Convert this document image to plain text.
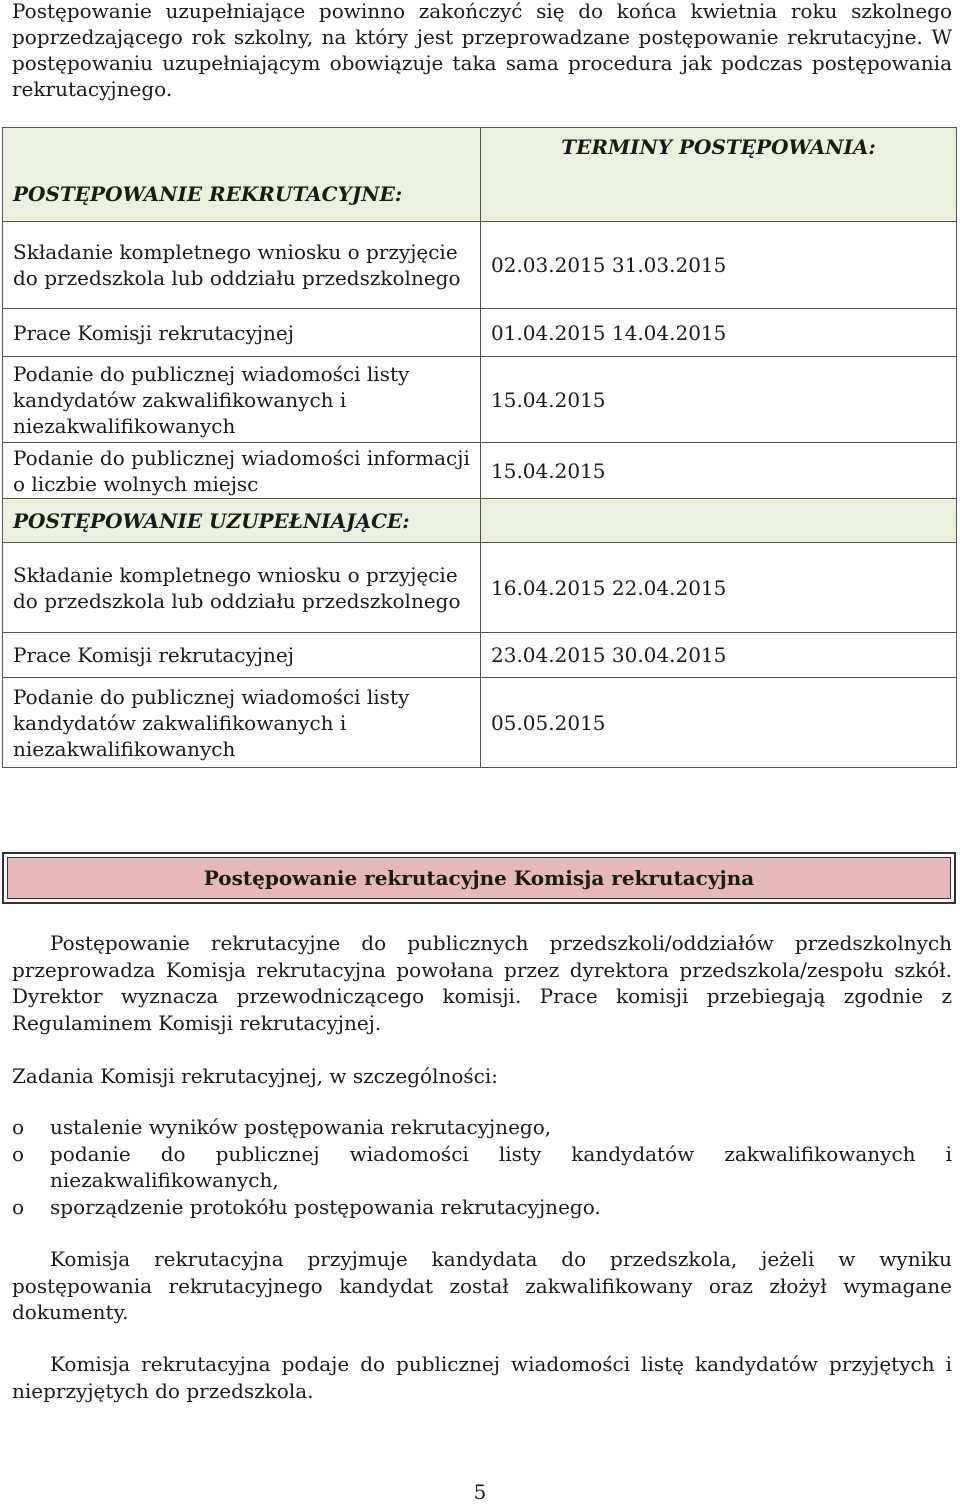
Postępowanie uzupełniające powinno zakończyć się do końca kwietnia roku szkolnego poprzedzającego rok szkolny, na który jest przeprowadzane postępowanie rekrutacyjne. W postępowaniu uzupełniającym obowiązuje taka sama procedura jak podczas postępowania rekrutacyjnego.
POSTĘPOWANIE REKRUTACYJNE:	TERMINY POSTĘPOWANIA:
Składanie kompletnego wniosku o przyjęcie do przedszkola lub oddziału przedszkolnego	02.03.2015 31.03.2015
Prace Komisji rekrutacyjnej	01.04.2015 14.04.2015
Podanie do publicznej wiadomości listy kandydatów zakwalifikowanych i niezakwalifikowanych	15.04.2015
Podanie do publicznej wiadomości informacji o liczbie wolnych miejsc	15.04.2015
POSTĘPOWANIE UZUPEŁNIAJĄCE:	
Składanie kompletnego wniosku o przyjęcie do przedszkola lub oddziału przedszkolnego	16.04.2015 22.04.2015
Prace Komisji rekrutacyjnej	23.04.2015 30.04.2015
Podanie do publicznej wiadomości listy kandydatów zakwalifikowanych i niezakwalifikowanych	05.05.2015
Postępowanie rekrutacyjne Komisja rekrutacyjna
Postępowanie rekrutacyjne do publicznych przedszkoli/oddziałów przedszkolnych przeprowadza Komisja rekrutacyjna powołana przez dyrektora przedszkola/zespołu szkół. Dyrektor wyznacza przewodniczącego komisji. Prace komisji przebiegają zgodnie z Regulaminem Komisji rekrutacyjnej.
Zadania Komisji rekrutacyjnej, w szczególności:
o ustalenie wyników postępowania rekrutacyjnego,
o podanie do publicznej wiadomości listy kandydatów zakwalifikowanych i niezakwalifikowanych,
o sporządzenie protokółu postępowania rekrutacyjnego.
Komisja rekrutacyjna przyjmuje kandydata do przedszkola, jeżeli w wyniku postępowania rekrutacyjnego kandydat został zakwalifikowany oraz złożył wymagane dokumenty.
Komisja rekrutacyjna podaje do publicznej wiadomości listę kandydatów przyjętych i nieprzyjętych do przedszkola.
5
